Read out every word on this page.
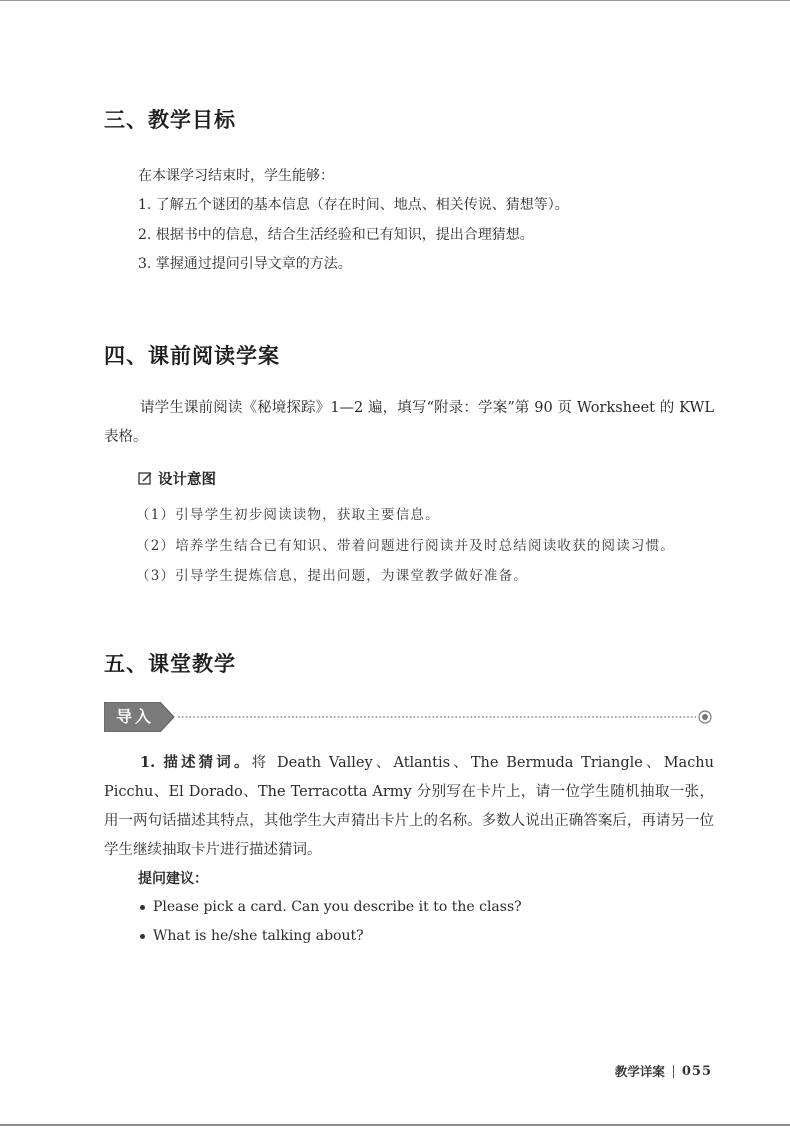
三、教学目标

在本课学习结束时，学生能够：

1. 了解五个谜团的基本信息（存在时间、地点、相关传说、猜想等）。

2. 根据书中的信息，结合生活经验和已有知识，提出合理猜想。

3. 掌握通过提问引导文章的方法。

四、课前阅读学案

请学生课前阅读《秘境探踪》1—2 遍，填写“附录：学案”第 90 页 Worksheet 的 KWL 表格。

设计意图

（1）引导学生初步阅读读物，获取主要信息。

（2）培养学生结合已有知识、带着问题进行阅读并及时总结阅读收获的阅读习惯。

（3）引导学生提炼信息，提出问题，为课堂教学做好准备。

五、课堂教学
导入

1. 描述猜词。将 Death Valley、Atlantis、The Bermuda Triangle、Machu Picchu、El Dorado、The Terracotta Army 分别写在卡片上，请一位学生随机抽取一张，用一两句话描述其特点，其他学生大声猜出卡片上的名称。多数人说出正确答案后，再请另一位学生继续抽取卡片进行描述猜词。

提问建议：

Please pick a card. Can you describe it to the class?
What is he/she talking about?
教学详案 055
